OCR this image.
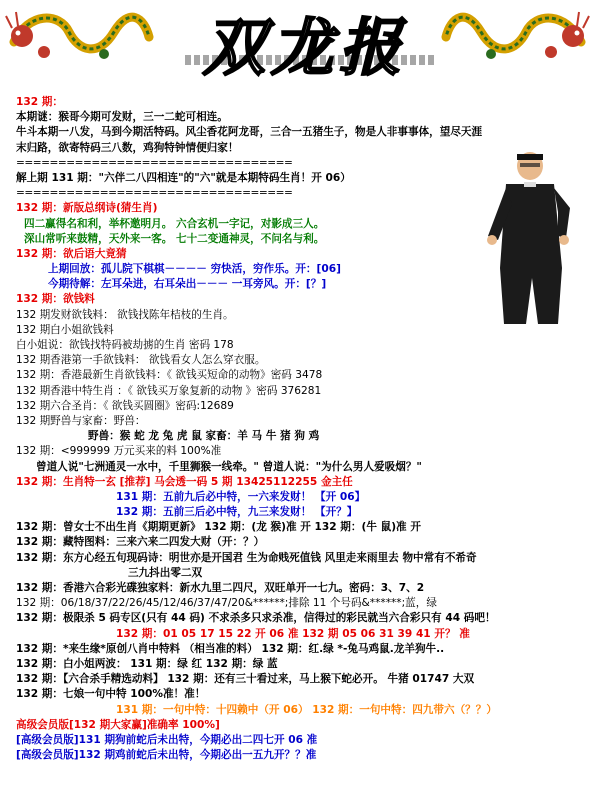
双龙报
132 期：
本期谜：猴哥今期可发财，三一二蛇可相连。
牛斗本期一八发，马到今期活特码。风尘香花阿龙哥，三合一五猪生子，物是人非事事体，望尽天涯
末归路，欲寄特码三八数，鸡狗特钟情便归家！
=================================
解上期 131 期："六伴二八四相连"的"六"就是本期特码生肖！开 06）
=================================
132 期：新版总纲诗(猜生肖)
四二赢得名和利，举杯邀明月。 六合玄机一字记，对影成三人。
深山常听来鼓精，天外来一客。 七十二变通神灵，不问名与利。
132 期：欲后语大竟猜
上期回放：孤儿院下棋棋－－－－ 穷快活，穷作乐。开：[06]
今期待解：左耳朵进，右耳朵出－－－ 一耳旁风。开：[？]
132 期：欲钱料
132 期发财欲钱料： 欲钱找陈年桔枝的生肖。
132 期白小姐欲钱料
白小姐说：欲钱找特码被劫掳的生肖 密码 178
132 期香港第一手欲钱料： 欲钱看女人怎么穿衣服。
132 期：香港最新生肖欲钱料：《 欲钱买短命的动物》密码 3478
132 期香港中特生肖 ：《 欲钱买万象复新的动物 》密码 376281
132 期六合圣肖：《 欲钱买圆圈》密码:12689
132 期野兽与家畜：野兽：
野兽：猴 蛇 龙 兔 虎 鼠 家畜：羊 马 牛 猪 狗 鸡
132 期：<999999 万元买来的料 100%准
曾道人说"七洲通灵一水中，千里狮猴一线牵。" 曾道人说："为什么男人爱吸烟？"
132 期：生肖特一玄 [推荐] 马会透一码 5 期 13425112255 金主任
131 期：五前九后必中特，一六来发财！ 【开 06】
132 期：五前三后必中特，九三来发财！ 【开？】
132 期：曾女士不出生肖《期期更新》 132 期：(龙 猴)准 开 132 期：(牛 鼠)准 开
132 期：藏特图料：三来六来二四发大财（开：？）
132 期：东方心经五句现码诗：明世亦是开国君 生为命贱死值钱 风里走来雨里去 物中常有不希奇
三九抖出零二双
132 期：香港六合彩光碟独家料：新水九里二四尺，双旺单开一七九。密码：3、7、2
132 期：06/18/37/22/26/45/12/46/37/47/20&******;排除 11 个号码&******;蓝，绿
132 期：极限杀 5 码专区(只有 44 码) 不求杀多只求杀准，信得过的彩民就当六合彩只有 44 码吧！
132 期：01 05 17 15 22 开 06 准 132 期 05 06 31 39 41 开？ 准
132 期：*来生缘*原创八肖中特料 （相当准的料） 132 期：红.绿 *-兔马鸡鼠.龙羊狗牛..
132 期：白小姐两波： 131 期：绿 红 132 期：绿 蓝
132 期：【六合杀手精选动料】 132 期：还有三十看过来，马上猴下蛇必开。 牛猪 01747 大双
132 期：七娘一句中特 100%准！准！
131 期：一句中特：十四赖中（开 06） 132 期：一句中特：四九带六（？？）
高级会员版[132 期大家赢]准确率 100%]
[高级会员版]131 期狗前蛇后未出特，今期必出二四七开 06 准
[高级会员版]132 期鸡前蛇后未出特，今期必出一五九开？？准
